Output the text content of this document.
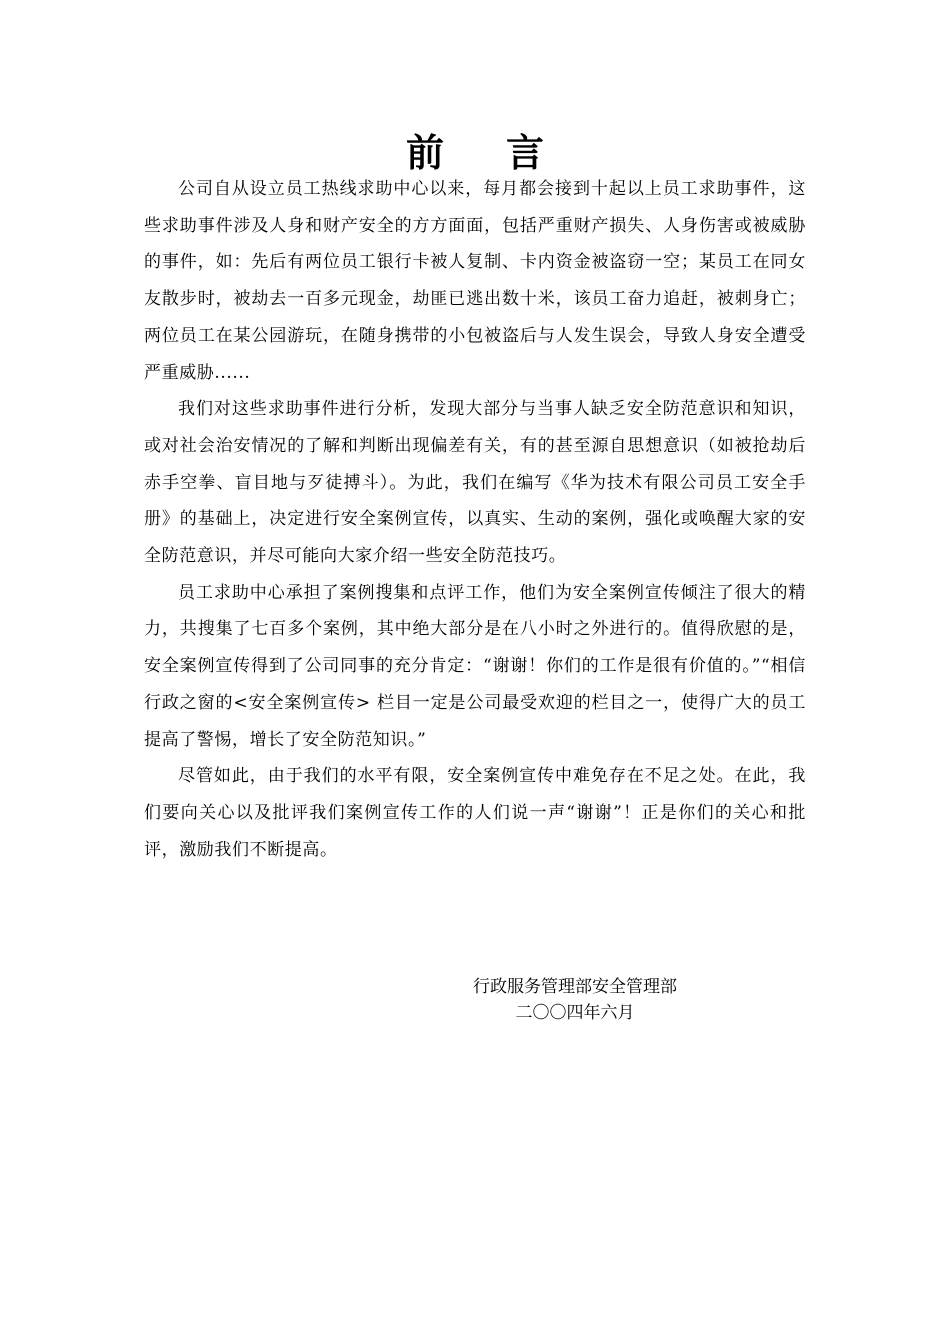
前言

公司自从设立员工热线求助中心以来，每月都会接到十起以上员工求助事件，这些求助事件涉及人身和财产安全的方方面面，包括严重财产损失、人身伤害或被威胁的事件，如：先后有两位员工银行卡被人复制、卡内资金被盗窃一空；某员工在同女友散步时，被劫去一百多元现金，劫匪已逃出数十米，该员工奋力追赶，被刺身亡；两位员工在某公园游玩，在随身携带的小包被盗后与人发生误会，导致人身安全遭受严重威胁......

我们对这些求助事件进行分析，发现大部分与当事人缺乏安全防范意识和知识，或对社会治安情况的了解和判断出现偏差有关，有的甚至源自思想意识（如被抢劫后赤手空拳、盲目地与歹徒搏斗）。为此，我们在编写《华为技术有限公司员工安全手册》的基础上，决定进行安全案例宣传，以真实、生动的案例，强化或唤醒大家的安全防范意识，并尽可能向大家介绍一些安全防范技巧。

员工求助中心承担了案例搜集和点评工作，他们为安全案例宣传倾注了很大的精力，共搜集了七百多个案例，其中绝大部分是在八小时之外进行的。值得欣慰的是，安全案例宣传得到了公司同事的充分肯定：“谢谢！你们的工作是很有价值的。”“相信行政之窗的<安全案例宣传> 栏目一定是公司最受欢迎的栏目之一，使得广大的员工提高了警惕，增长了安全防范知识。”

尽管如此，由于我们的水平有限，安全案例宣传中难免存在不足之处。在此，我们要向关心以及批评我们案例宣传工作的人们说一声“谢谢”！正是你们的关心和批评，激励我们不断提高。

行政服务管理部安全管理部
二〇〇四年六月
